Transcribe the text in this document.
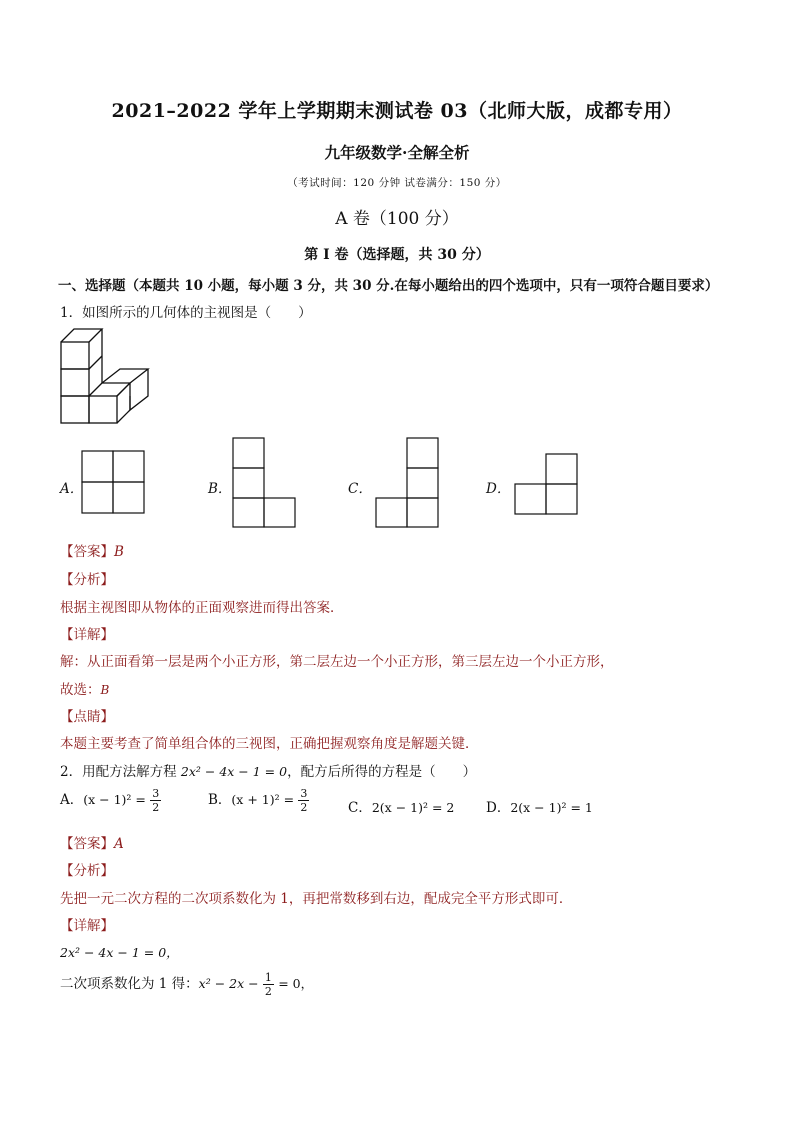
2021–2022 学年上学期期末测试卷 03（北师大版，成都专用）
九年级数学·全解全析
（考试时间：120 分钟 试卷满分：150 分）
A 卷（100 分）
第 I 卷（选择题，共 30 分）
一、选择题（本题共 10 小题，每小题 3 分，共 30 分.在每小题给出的四个选项中，只有一项符合题目要求）
1．如图所示的几何体的主视图是（　　）
A．	B．	C．	D．
【答案】B
【分析】
根据主视图即从物体的正面观察进而得出答案．
【详解】
解：从正面看第一层是两个小正方形，第二层左边一个小正方形，第三层左边一个小正方形，
故选：B
【点睛】
本题主要考查了简单组合体的三视图，正确把握观察角度是解题关键．
2．用配方法解方程 2x² − 4x − 1 = 0，配方后所得的方程是（　　）
A．$(x - 1)^2 = \frac{3}{2}$	B．$(x + 1)^2 = \frac{3}{2}$	C．2(x − 1)² = 2 D．2(x − 1)² = 1
【答案】A
【分析】
先把一元二次方程的二次项系数化为 1，再把常数移到右边，配成完全平方形式即可．
【详解】
2x² − 4x − 1 = 0，
二次项系数化为 1 得：$x^2 - 2x - \frac{1}{2} = 0$，
